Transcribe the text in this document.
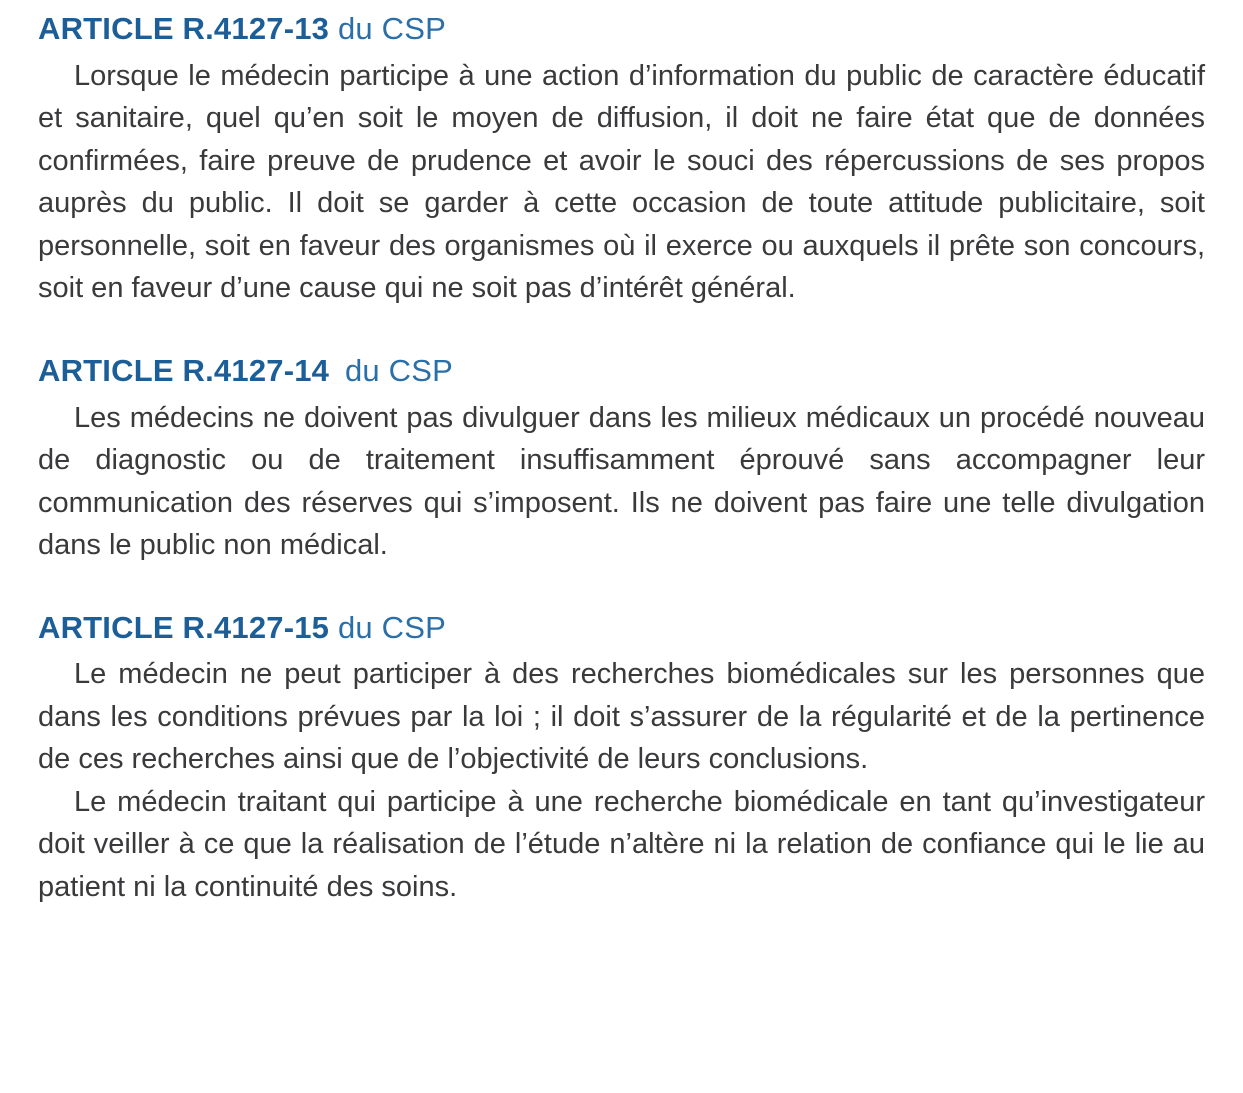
ARTICLE R.4127-13 du CSP

Lorsque le médecin participe à une action d’information du public de caractère éducatif et sanitaire, quel qu’en soit le moyen de diffusion, il doit ne faire état que de données confirmées, faire preuve de prudence et avoir le souci des répercussions de ses propos auprès du public. Il doit se garder à cette occasion de toute attitude publicitaire, soit personnelle, soit en faveur des organismes où il exerce ou auxquels il prête son concours, soit en faveur d’une cause qui ne soit pas d’intérêt général.

ARTICLE R.4127-14 du CSP

Les médecins ne doivent pas divulguer dans les milieux médicaux un procédé nouveau de diagnostic ou de traitement insuffisamment éprouvé sans accompagner leur communication des réserves qui s’imposent. Ils ne doivent pas faire une telle divulgation dans le public non médical.

ARTICLE R.4127-15 du CSP

Le médecin ne peut participer à des recherches biomédicales sur les personnes que dans les conditions prévues par la loi ; il doit s’assurer de la régularité et de la pertinence de ces recherches ainsi que de l’objectivité de leurs conclusions.

Le médecin traitant qui participe à une recherche biomédicale en tant qu’investigateur doit veiller à ce que la réalisation de l’étude n’altère ni la relation de confiance qui le lie au patient ni la continuité des soins.
